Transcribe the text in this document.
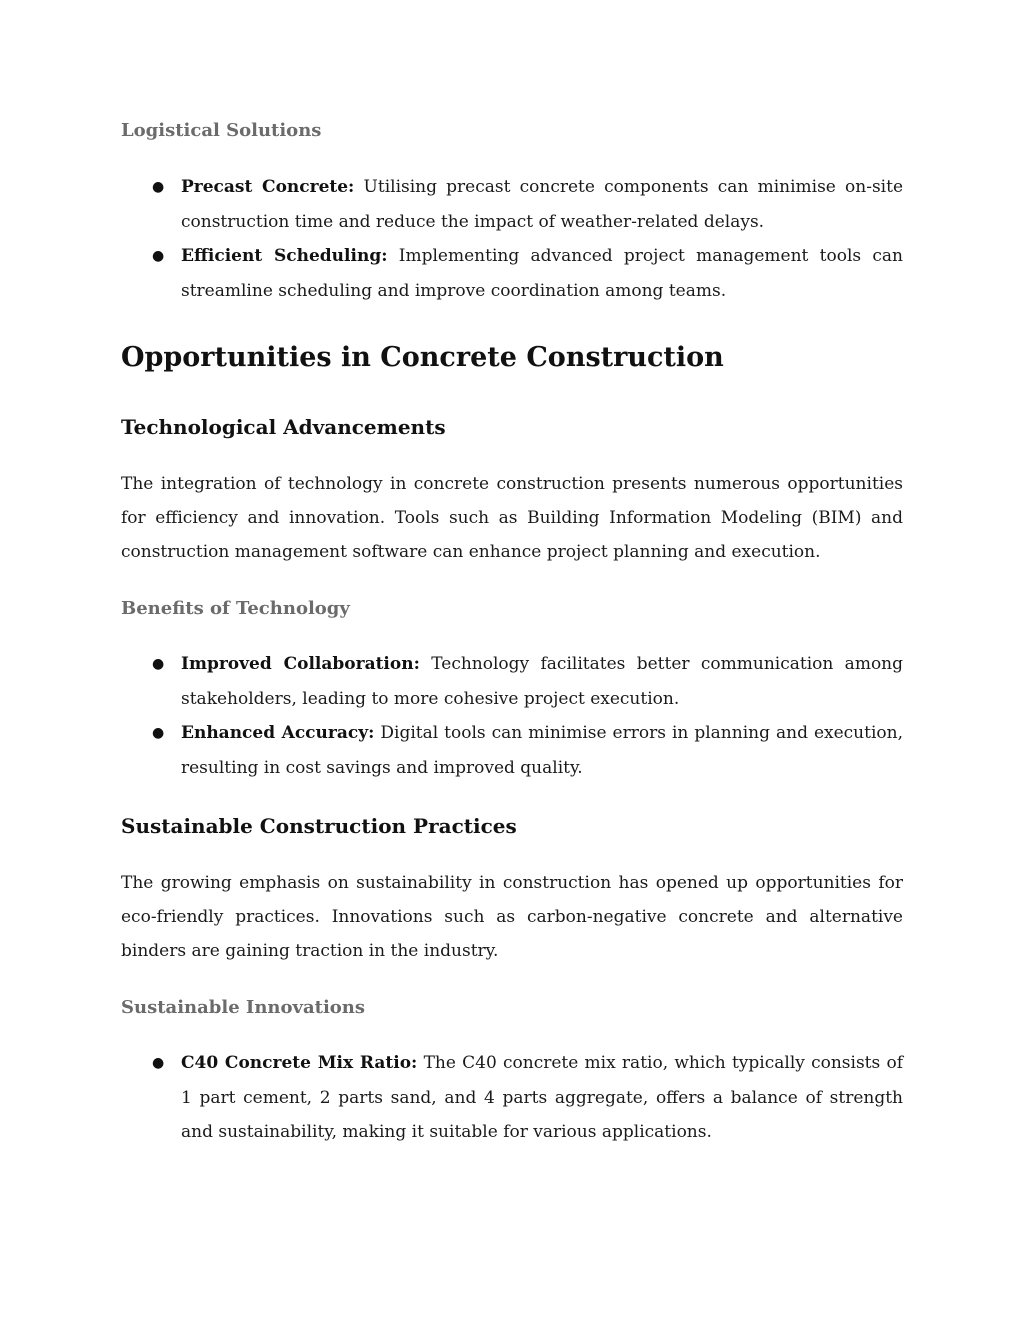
Logistical Solutions
● Precast Concrete: Utilising precast concrete components can minimise on-site construction time and reduce the impact of weather-related delays.
● Efficient Scheduling: Implementing advanced project management tools can streamline scheduling and improve coordination among teams.
Opportunities in Concrete Construction
Technological Advancements

The integration of technology in concrete construction presents numerous opportunities for efficiency and innovation. Tools such as Building Information Modeling (BIM) and construction management software can enhance project planning and execution.

Benefits of Technology
● Improved Collaboration: Technology facilitates better communication among stakeholders, leading to more cohesive project execution.
● Enhanced Accuracy: Digital tools can minimise errors in planning and execution, resulting in cost savings and improved quality.
Sustainable Construction Practices

The growing emphasis on sustainability in construction has opened up opportunities for eco-friendly practices. Innovations such as carbon-negative concrete and alternative binders are gaining traction in the industry.

Sustainable Innovations
● C40 Concrete Mix Ratio: The C40 concrete mix ratio, which typically consists of 1 part cement, 2 parts sand, and 4 parts aggregate, offers a balance of strength and sustainability, making it suitable for various applications.
